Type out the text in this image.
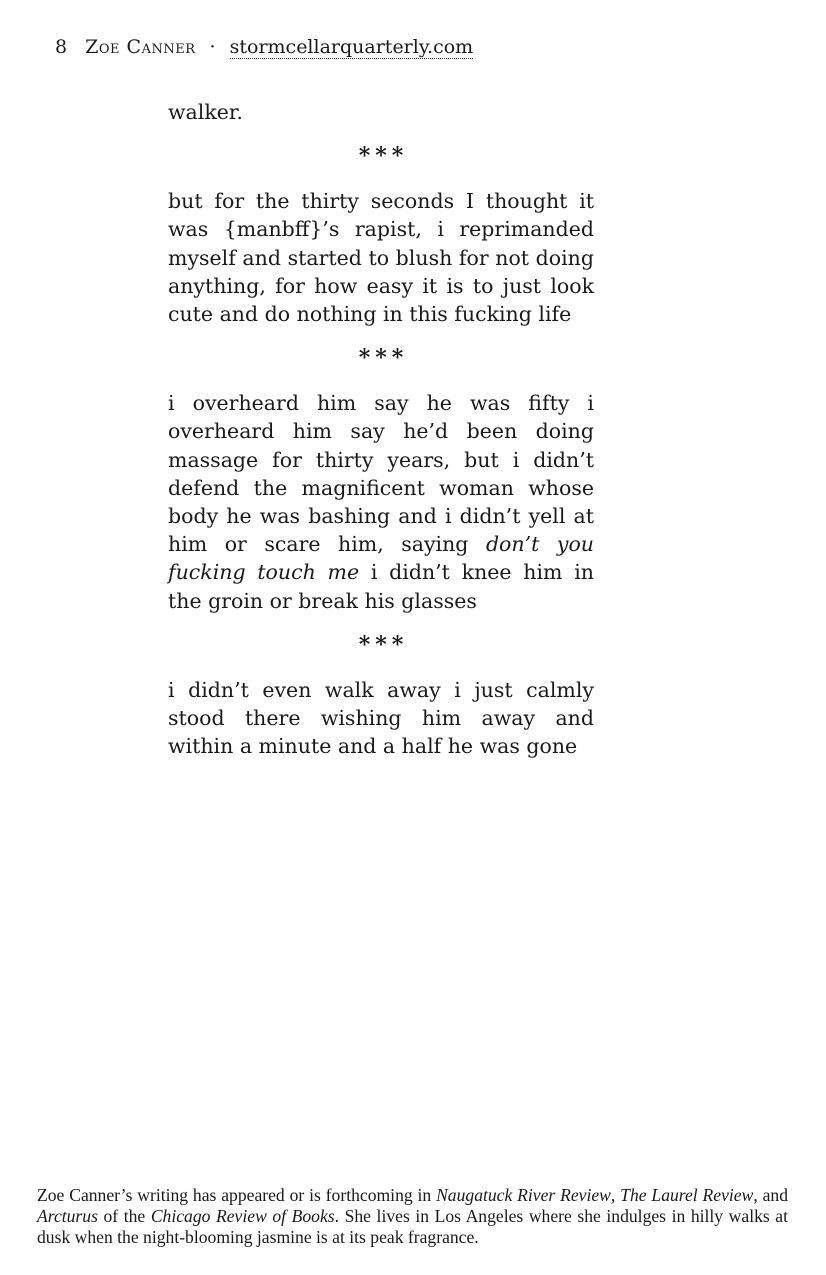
8 Zoe Canner · stormcellarquarterly.com

walker.

***

but for the thirty seconds I thought it was {manbff}’s rapist, i reprimanded myself and started to blush for not doing anything, for how easy it is to just look cute and do nothing in this fucking life

***

i overheard him say he was fifty i overheard him say he’d been doing massage for thirty years, but i didn’t defend the magnificent woman whose body he was bashing and i didn’t yell at him or scare him, saying don’t you fucking touch me i didn’t knee him in the groin or break his glasses

***

i didn’t even walk away i just calmly stood there wishing him away and within a minute and a half he was gone

Zoe Canner’s writing has appeared or is forthcoming in Naugatuck River Review, The Laurel Review, and Arcturus of the Chicago Review of Books. She lives in Los Angeles where she indulges in hilly walks at dusk when the night-blooming jasmine is at its peak fragrance.
